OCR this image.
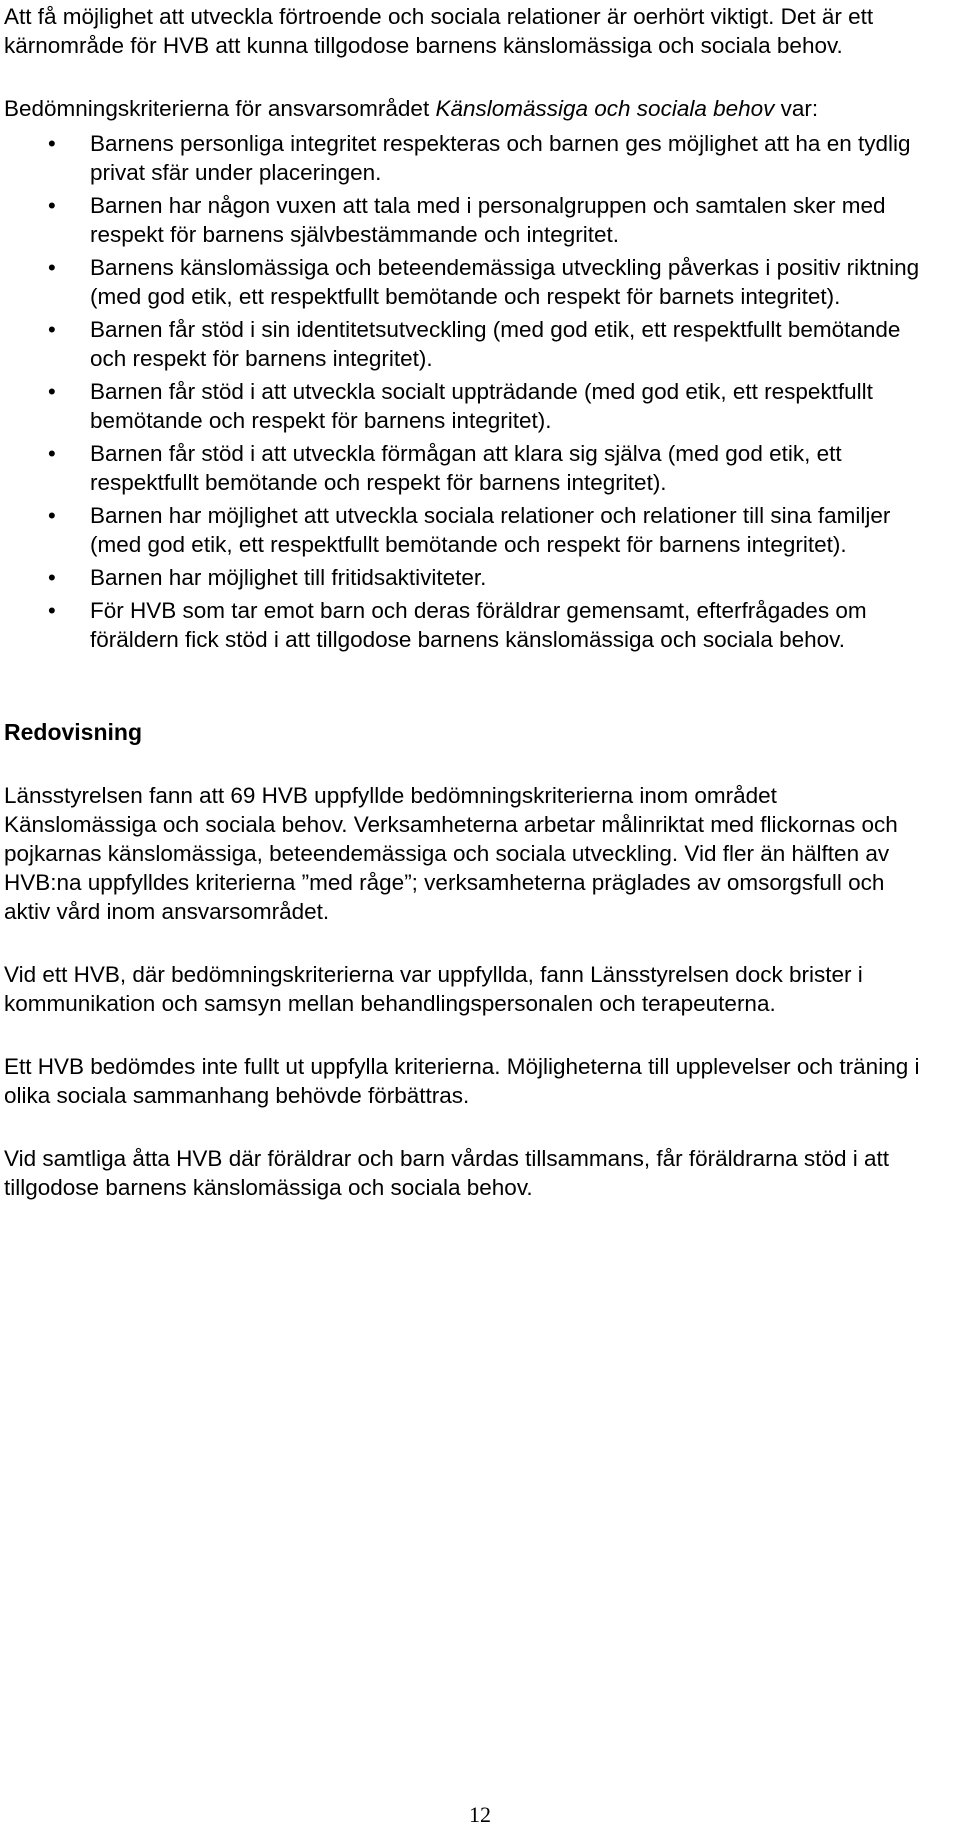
Att få möjlighet att utveckla förtroende och sociala relationer är oerhört viktigt. Det är ett kärnområde för HVB att kunna tillgodose barnens känslomässiga och sociala behov.

Bedömningskriterierna för ansvarsområdet Känslomässiga och sociala behov var:

• Barnens personliga integritet respekteras och barnen ges möjlighet att ha en tydlig privat sfär under placeringen.
• Barnen har någon vuxen att tala med i personalgruppen och samtalen sker med respekt för barnens självbestämmande och integritet.
• Barnens känslomässiga och beteendemässiga utveckling påverkas i positiv riktning (med god etik, ett respektfullt bemötande och respekt för barnets integritet).
• Barnen får stöd i sin identitetsutveckling (med god etik, ett respektfullt bemötande och respekt för barnens integritet).
• Barnen får stöd i att utveckla socialt uppträdande (med god etik, ett respektfullt bemötande och respekt för barnens integritet).
• Barnen får stöd i att utveckla förmågan att klara sig själva (med god etik, ett respektfullt bemötande och respekt för barnens integritet).
• Barnen har möjlighet att utveckla sociala relationer och relationer till sina familjer (med god etik, ett respektfullt bemötande och respekt för barnens integritet).
• Barnen har möjlighet till fritidsaktiviteter.
• För HVB som tar emot barn och deras föräldrar gemensamt, efterfrågades om föräldern fick stöd i att tillgodose barnens känslomässiga och sociala behov.
Redovisning

Länsstyrelsen fann att 69 HVB uppfyllde bedömningskriterierna inom området Känslomässiga och sociala behov. Verksamheterna arbetar målinriktat med flickornas och pojkarnas känslomässiga, beteendemässiga och sociala utveckling. Vid fler än hälften av HVB:na uppfylldes kriterierna ”med råge”; verksamheterna präglades av omsorgsfull och aktiv vård inom ansvarsområdet.

Vid ett HVB, där bedömningskriterierna var uppfyllda, fann Länsstyrelsen dock brister i kommunikation och samsyn mellan behandlingspersonalen och terapeuterna.

Ett HVB bedömdes inte fullt ut uppfylla kriterierna. Möjligheterna till upplevelser och träning i olika sociala sammanhang behövde förbättras.

Vid samtliga åtta HVB där föräldrar och barn vårdas tillsammans, får föräldrarna stöd i att tillgodose barnens känslomässiga och sociala behov.

12
